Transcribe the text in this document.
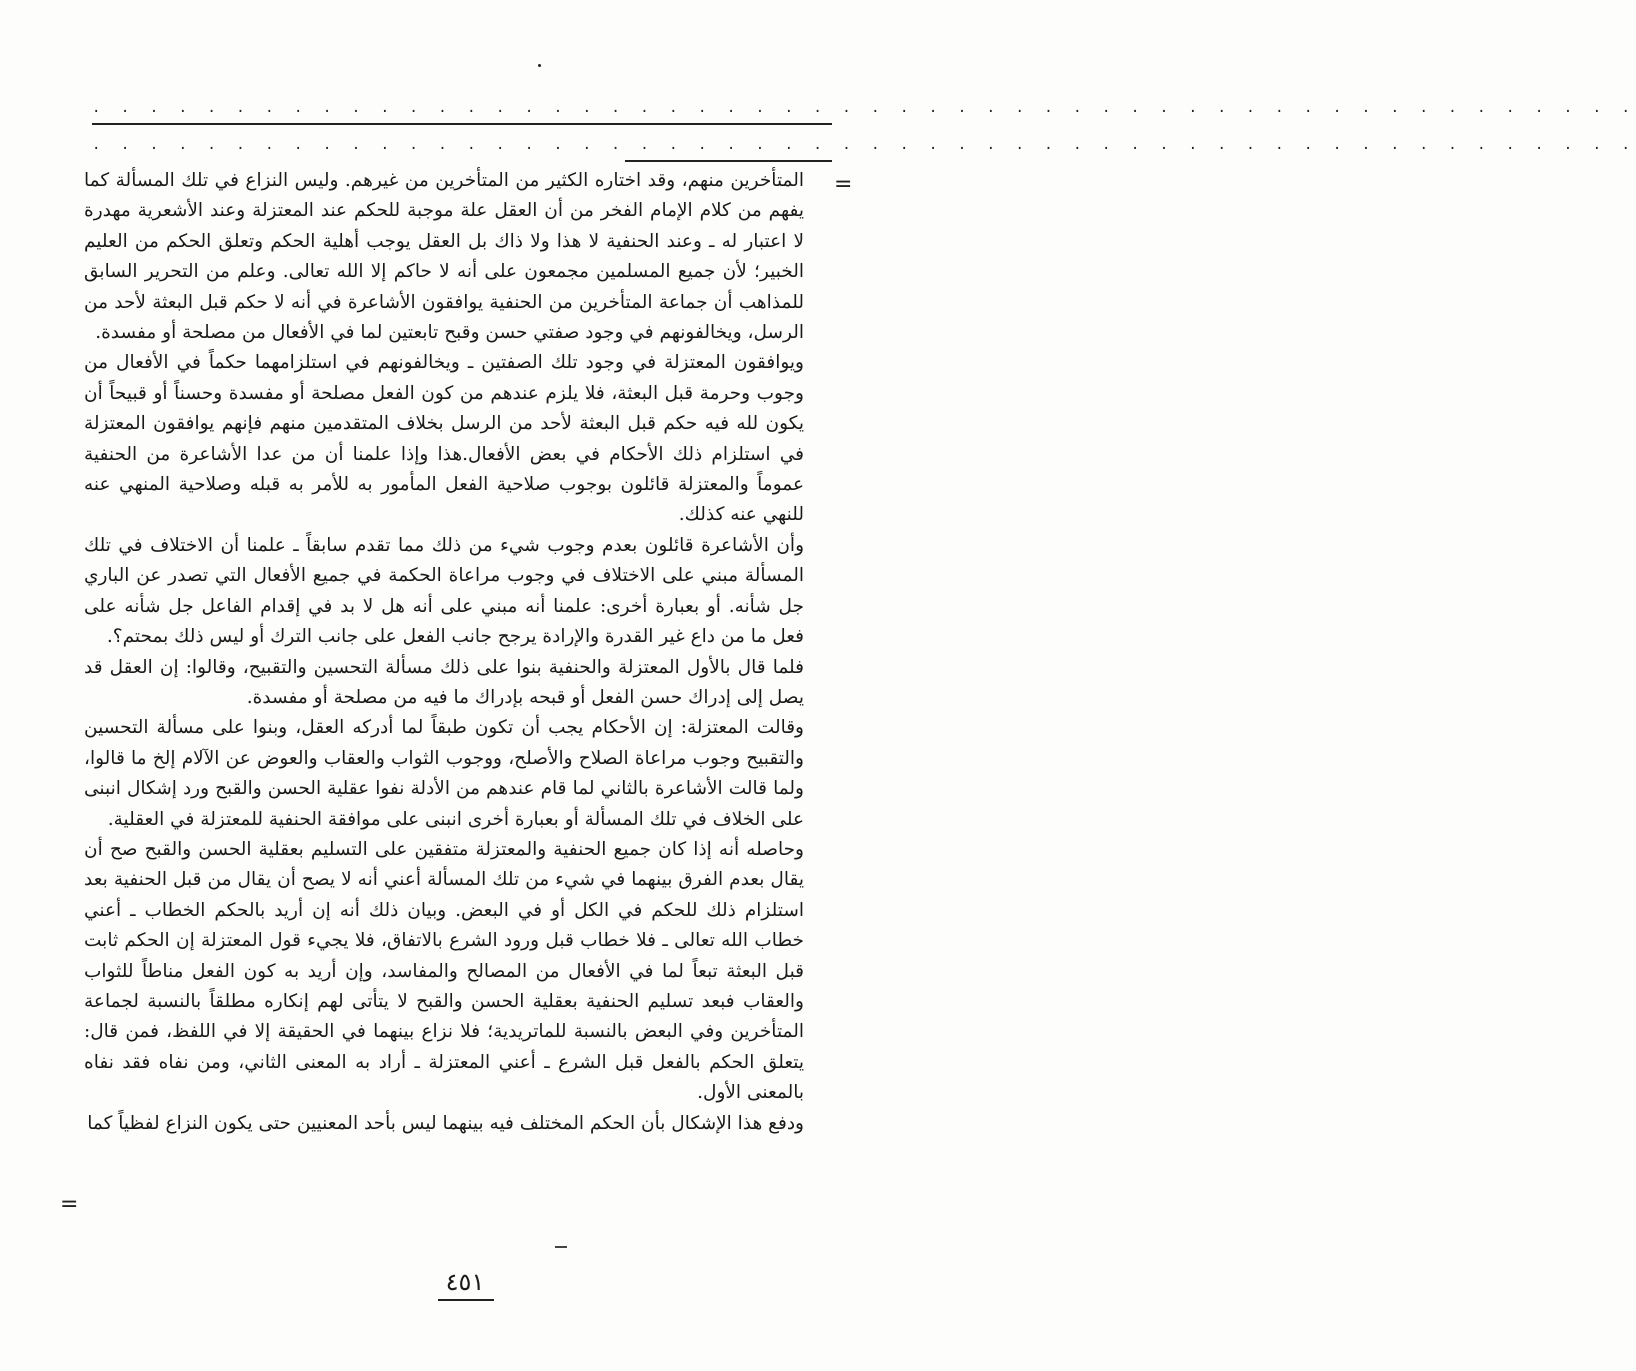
. . . . . . . . . . . . . . . . . . . . . . . . . . . . . . . . . . . . . . . . . . . . . . . . . . . . . .
. . . . . . . . . . . . . . . . . . . . . . . . . . . . . . . . . . . . . . . . . . . . . . . . . . . . . .
=

المتأخرين منهم، وقد اختاره الكثير من المتأخرين من غيرهم. وليس النزاع في تلك المسألة كما يفهم من كلام الإمام الفخر من أن العقل علة موجبة للحكم عند المعتزلة وعند الأشعرية مهدرة لا اعتبار له ـ وعند الحنفية لا هذا ولا ذاك بل العقل يوجب أهلية الحكم وتعلق الحكم من العليم الخبير؛ لأن جميع المسلمين مجمعون على أنه لا حاكم إلا الله تعالى. وعلم من التحرير السابق للمذاهب أن جماعة المتأخرين من الحنفية يوافقون الأشاعرة في أنه لا حكم قبل البعثة لأحد من الرسل، ويخالفونهم في وجود صفتي حسن وقبح تابعتين لما في الأفعال من مصلحة أو مفسدة.

ويوافقون المعتزلة في وجود تلك الصفتين ـ ويخالفونهم في استلزامهما حكماً في الأفعال من وجوب وحرمة قبل البعثة، فلا يلزم عندهم من كون الفعل مصلحة أو مفسدة وحسناً أو قبيحاً أن يكون لله فيه حكم قبل البعثة لأحد من الرسل بخلاف المتقدمين منهم فإنهم يوافقون المعتزلة في استلزام ذلك الأحكام في بعض الأفعال.هذا وإذا علمنا أن من عدا الأشاعرة من الحنفية عموماً والمعتزلة قائلون بوجوب صلاحية الفعل المأمور به للأمر به قبله وصلاحية المنهي عنه للنهي عنه كذلك.

وأن الأشاعرة قائلون بعدم وجوب شيء من ذلك مما تقدم سابقاً ـ علمنا أن الاختلاف في تلك المسألة مبني على الاختلاف في وجوب مراعاة الحكمة في جميع الأفعال التي تصدر عن الباري جل شأنه. أو بعبارة أخرى: علمنا أنه مبني على أنه هل لا بد في إقدام الفاعل جل شأنه على فعل ما من داع غير القدرة والإرادة يرجح جانب الفعل على جانب الترك أو ليس ذلك بمحتم؟.

فلما قال بالأول المعتزلة والحنفية بنوا على ذلك مسألة التحسين والتقبيح، وقالوا: إن العقل قد يصل إلى إدراك حسن الفعل أو قبحه بإدراك ما فيه من مصلحة أو مفسدة.

وقالت المعتزلة: إن الأحكام يجب أن تكون طبقاً لما أدركه العقل، وبنوا على مسألة التحسين والتقبيح وجوب مراعاة الصلاح والأصلح، ووجوب الثواب والعقاب والعوض عن الآلام إلخ ما قالوا، ولما قالت الأشاعرة بالثاني لما قام عندهم من الأدلة نفوا عقلية الحسن والقبح ورد إشكال انبنى على الخلاف في تلك المسألة أو بعبارة أخرى انبنى على موافقة الحنفية للمعتزلة في العقلية.

وحاصله أنه إذا كان جميع الحنفية والمعتزلة متفقين على التسليم بعقلية الحسن والقبح صح أن يقال بعدم الفرق بينهما في شيء من تلك المسألة أعني أنه لا يصح أن يقال من قبل الحنفية بعد استلزام ذلك للحكم في الكل أو في البعض. وبيان ذلك أنه إن أريد بالحكم الخطاب ـ أعني خطاب الله تعالى ـ فلا خطاب قبل ورود الشرع بالاتفاق، فلا يجيء قول المعتزلة إن الحكم ثابت قبل البعثة تبعاً لما في الأفعال من المصالح والمفاسد، وإن أريد به كون الفعل مناطاً للثواب والعقاب فبعد تسليم الحنفية بعقلية الحسن والقبح لا يتأتى لهم إنكاره مطلقاً بالنسبة لجماعة المتأخرين وفي البعض بالنسبة للماتريدية؛ فلا نزاع بينهما في الحقيقة إلا في اللفظ، فمن قال: يتعلق الحكم بالفعل قبل الشرع ـ أعني المعتزلة ـ أراد به المعنى الثاني، ومن نفاه فقد نفاه بالمعنى الأول.

ودفع هذا الإشكال بأن الحكم المختلف فيه بينهما ليس بأحد المعنيين حتى يكون النزاع لفظياً كما

=
٤٥١
